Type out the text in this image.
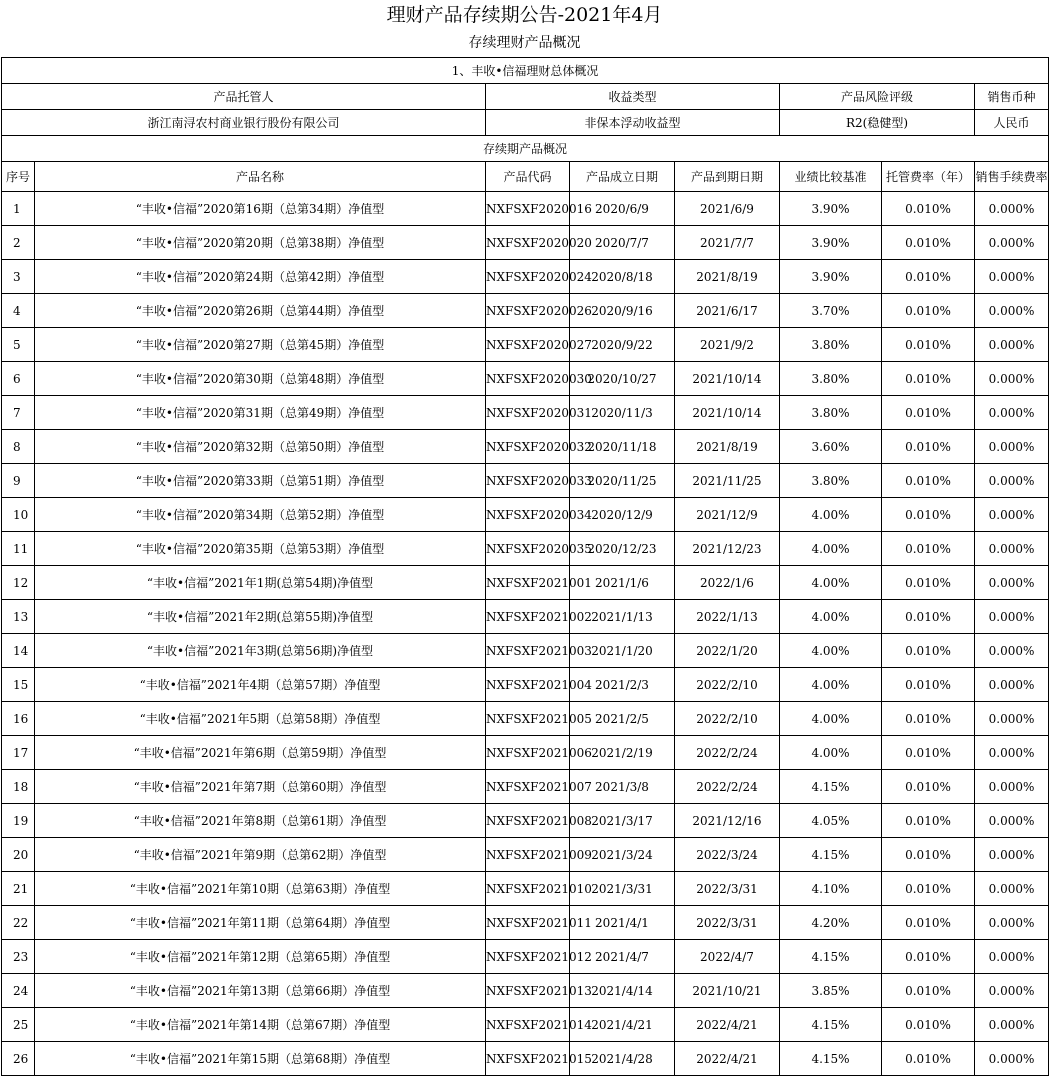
理财产品存续期公告-2021年4月
存续理财产品概况
1、丰收•信福理财总体概况							
产品托管人		收益类型			产品风险评级		销售币种
浙江南浔农村商业银行股份有限公司		非保本浮动收益型			R2(稳健型)		人民币
存续期产品概况							
序号	产品名称	产品代码	产品成立日期	产品到期日期	业绩比较基准	托管费率（年）	销售手续费率
1	“丰收•信福”2020第16期（总第34期）净值型	NXFSXF2020016	2020/6/9	2021/6/9	3.90%	0.010%	0.000%
2	“丰收•信福”2020第20期（总第38期）净值型	NXFSXF2020020	2020/7/7	2021/7/7	3.90%	0.010%	0.000%
3	“丰收•信福”2020第24期（总第42期）净值型	NXFSXF2020024	2020/8/18	2021/8/19	3.90%	0.010%	0.000%
4	“丰收•信福”2020第26期（总第44期）净值型	NXFSXF2020026	2020/9/16	2021/6/17	3.70%	0.010%	0.000%
5	“丰收•信福”2020第27期（总第45期）净值型	NXFSXF2020027	2020/9/22	2021/9/2	3.80%	0.010%	0.000%
6	“丰收•信福”2020第30期（总第48期）净值型	NXFSXF2020030	2020/10/27	2021/10/14	3.80%	0.010%	0.000%
7	“丰收•信福”2020第31期（总第49期）净值型	NXFSXF2020031	2020/11/3	2021/10/14	3.80%	0.010%	0.000%
8	“丰收•信福”2020第32期（总第50期）净值型	NXFSXF2020032	2020/11/18	2021/8/19	3.60%	0.010%	0.000%
9	“丰收•信福”2020第33期（总第51期）净值型	NXFSXF2020033	2020/11/25	2021/11/25	3.80%	0.010%	0.000%
10	“丰收•信福”2020第34期（总第52期）净值型	NXFSXF2020034	2020/12/9	2021/12/9	4.00%	0.010%	0.000%
11	“丰收•信福”2020第35期（总第53期）净值型	NXFSXF2020035	2020/12/23	2021/12/23	4.00%	0.010%	0.000%
12	“丰收•信福”2021年1期(总第54期)净值型	NXFSXF2021001	2021/1/6	2022/1/6	4.00%	0.010%	0.000%
13	“丰收•信福”2021年2期(总第55期)净值型	NXFSXF2021002	2021/1/13	2022/1/13	4.00%	0.010%	0.000%
14	“丰收•信福”2021年3期(总第56期)净值型	NXFSXF2021003	2021/1/20	2022/1/20	4.00%	0.010%	0.000%
15	“丰收•信福”2021年4期（总第57期）净值型	NXFSXF2021004	2021/2/3	2022/2/10	4.00%	0.010%	0.000%
16	“丰收•信福”2021年5期（总第58期）净值型	NXFSXF2021005	2021/2/5	2022/2/10	4.00%	0.010%	0.000%
17	“丰收•信福”2021年第6期（总第59期）净值型	NXFSXF2021006	2021/2/19	2022/2/24	4.00%	0.010%	0.000%
18	“丰收•信福”2021年第7期（总第60期）净值型	NXFSXF2021007	2021/3/8	2022/2/24	4.15%	0.010%	0.000%
19	“丰收•信福”2021年第8期（总第61期）净值型	NXFSXF2021008	2021/3/17	2021/12/16	4.05%	0.010%	0.000%
20	“丰收•信福”2021年第9期（总第62期）净值型	NXFSXF2021009	2021/3/24	2022/3/24	4.15%	0.010%	0.000%
21	“丰收•信福”2021年第10期（总第63期）净值型	NXFSXF2021010	2021/3/31	2022/3/31	4.10%	0.010%	0.000%
22	“丰收•信福”2021年第11期（总第64期）净值型	NXFSXF2021011	2021/4/1	2022/3/31	4.20%	0.010%	0.000%
23	“丰收•信福”2021年第12期（总第65期）净值型	NXFSXF2021012	2021/4/7	2022/4/7	4.15%	0.010%	0.000%
24	“丰收•信福”2021年第13期（总第66期）净值型	NXFSXF2021013	2021/4/14	2021/10/21	3.85%	0.010%	0.000%
25	“丰收•信福”2021年第14期（总第67期）净值型	NXFSXF2021014	2021/4/21	2022/4/21	4.15%	0.010%	0.000%
26	“丰收•信福”2021年第15期（总第68期）净值型	NXFSXF2021015	2021/4/28	2022/4/21	4.15%	0.010%	0.000%
